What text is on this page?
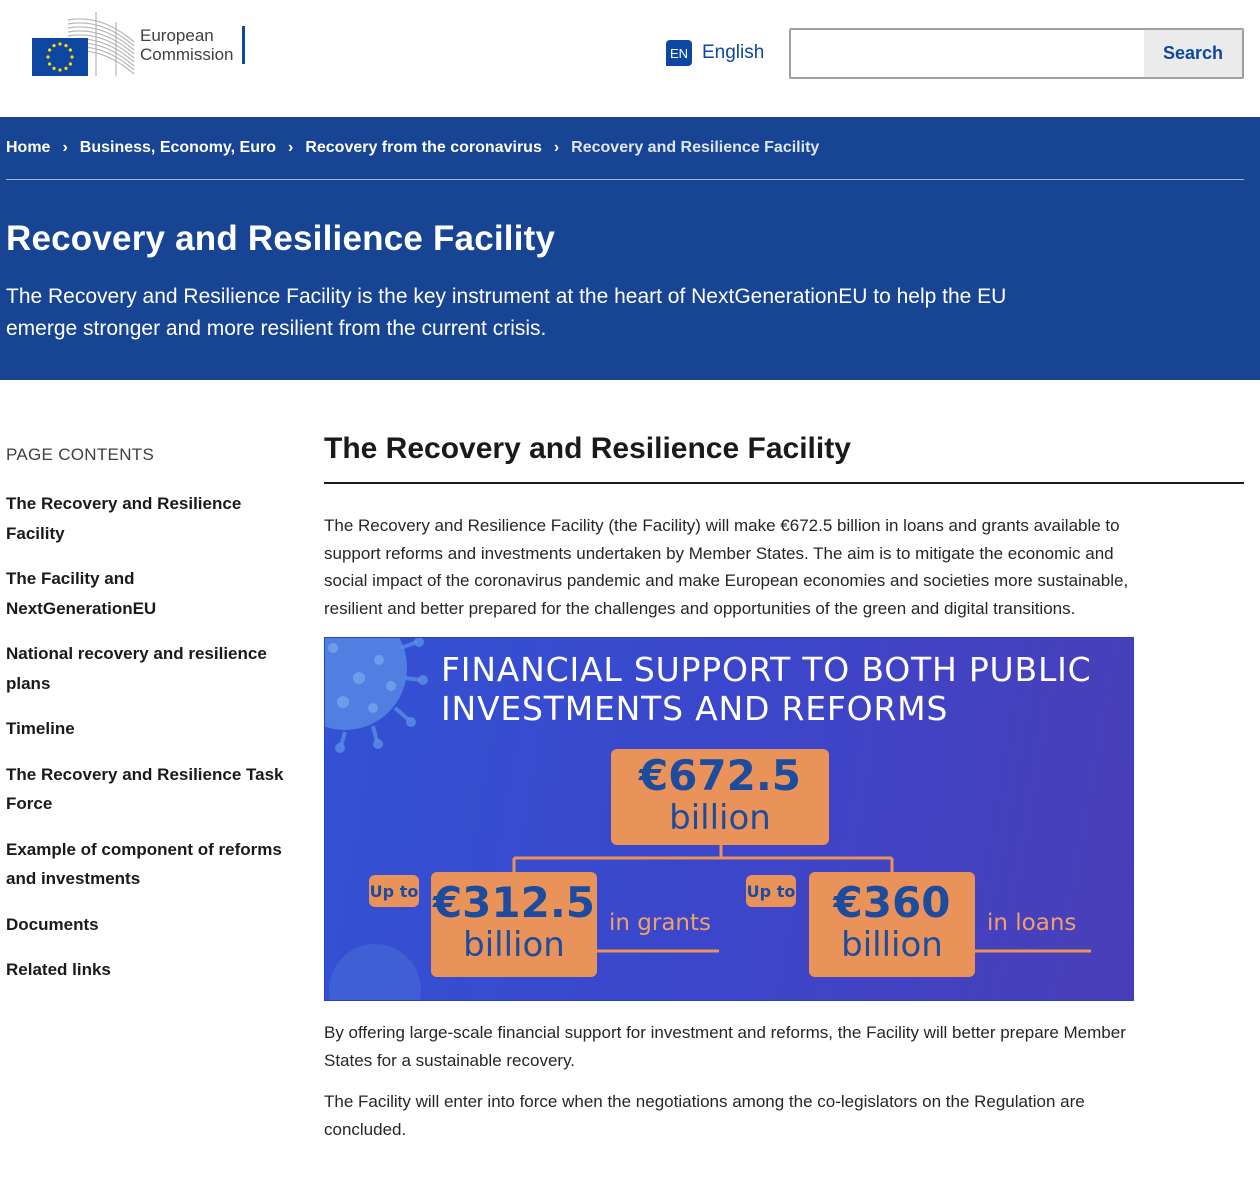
European
Commission	EN English	Search
Home › Business, Economy, Euro › Recovery from the coronavirus › Recovery and Resilience Facility
Recovery and Resilience Facility

The Recovery and Resilience Facility is the key instrument at the heart of NextGenerationEU to help the EU emerge stronger and more resilient from the current crisis.

PAGE CONTENTS
The Recovery and Resilience Facility
The Facility and NextGenerationEU
National recovery and resilience plans
Timeline
The Recovery and Resilience Task Force
Example of component of reforms and investments
Documents
Related links
The Recovery and Resilience Facility

The Recovery and Resilience Facility (the Facility) will make €672.5 billion in loans and grants available to support reforms and investments undertaken by Member States. The aim is to mitigate the economic and social impact of the coronavirus pandemic and make European economies and societies more sustainable, resilient and better prepared for the challenges and opportunities of the green and digital transitions.

FINANCIAL SUPPORT TO BOTH PUBLIC
INVESTMENTS AND REFORMS
€672.5
billion
Up to €312.5
billion
in grants
Up to €360
billion
in loans

By offering large-scale financial support for investment and reforms, the Facility will better prepare Member States for a sustainable recovery.

The Facility will enter into force when the negotiations among the co-legislators on the Regulation are concluded.
